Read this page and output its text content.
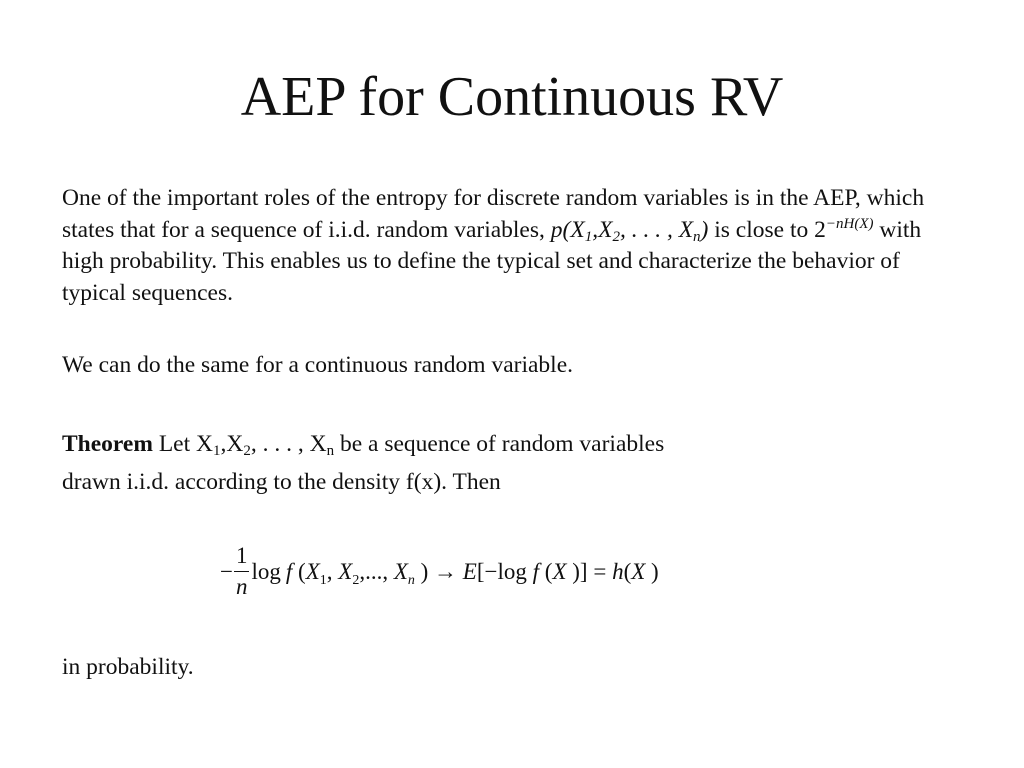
AEP for Continuous RV

One of the important roles of the entropy for discrete random variables is in the AEP, which states that for a sequence of i.i.d. random variables, $p(X_1,X_2$, . . . , $X_n$) is close to $2^{-nH(X)}$ with high probability. This enables us to define the typical set and characterize the behavior of typical sequences.

We can do the same for a continuous random variable.

Theorem Let $X_1,X_2$, . . . , $X_n$ be a sequence of random variables
drawn i.i.d. according to the density f(x). Then

− $\frac{1}{n}$ log f ($X_1$, $X_2$,..., $X_n$ ) → E[−log f (X )] = h(X )

in probability.
